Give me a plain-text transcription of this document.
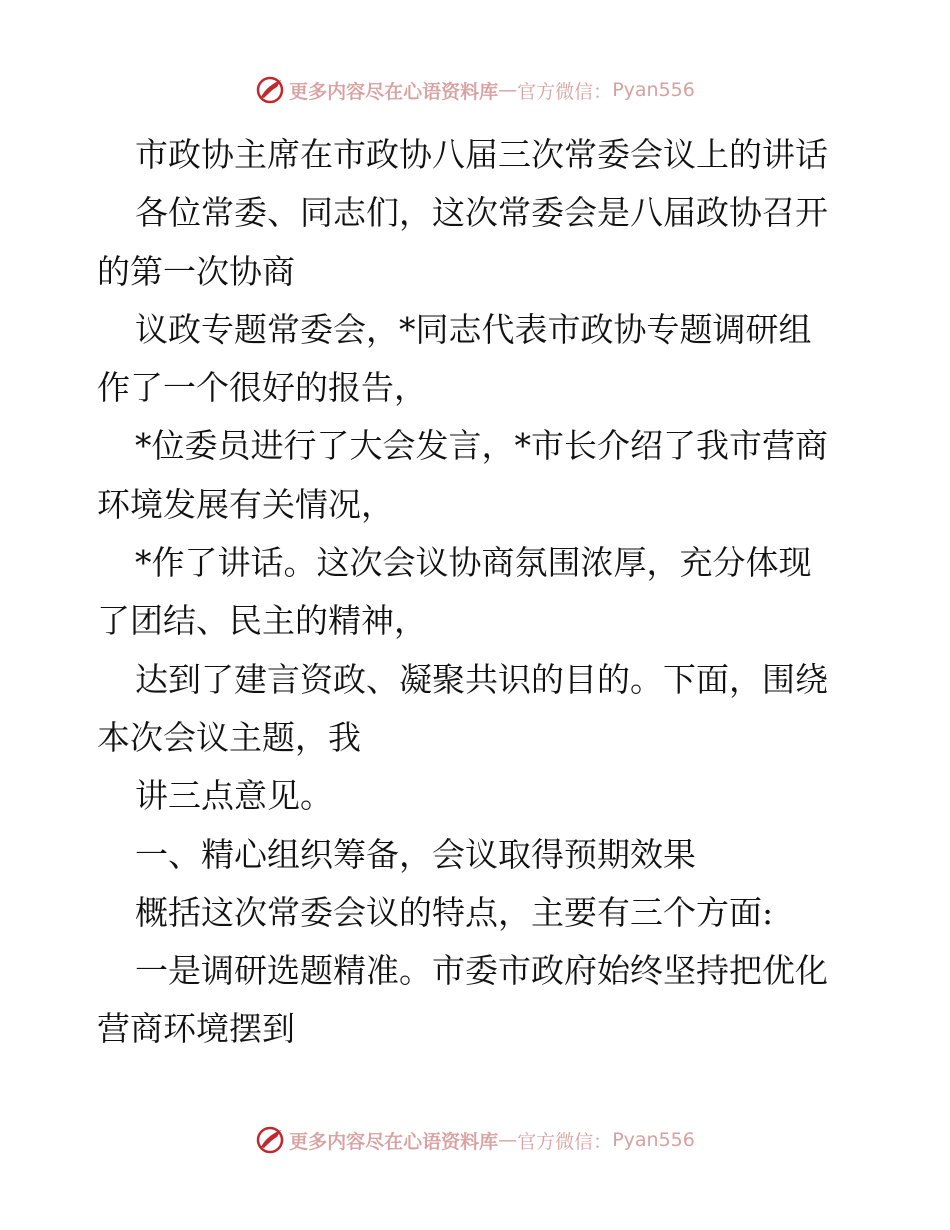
更多内容尽在心语资料库 — 官方微信： Pyan556
市政协主席在市政协八届三次常委会议上的讲话
各位常委、同志们，这次常委会是八届政协召开
的第一次协商
议政专题常委会，*同志代表市政协专题调研组
作了一个很好的报告，
*位委员进行了大会发言，*市长介绍了我市营商
环境发展有关情况，
*作了讲话。这次会议协商氛围浓厚，充分体现
了团结、民主的精神，
达到了建言资政、凝聚共识的目的。下面，围绕
本次会议主题，我
讲三点意见。
一、精心组织筹备，会议取得预期效果
概括这次常委会议的特点，主要有三个方面:
一是调研选题精准。市委市政府始终坚持把优化
营商环境摆到
更多内容尽在心语资料库 — 官方微信： Pyan556
